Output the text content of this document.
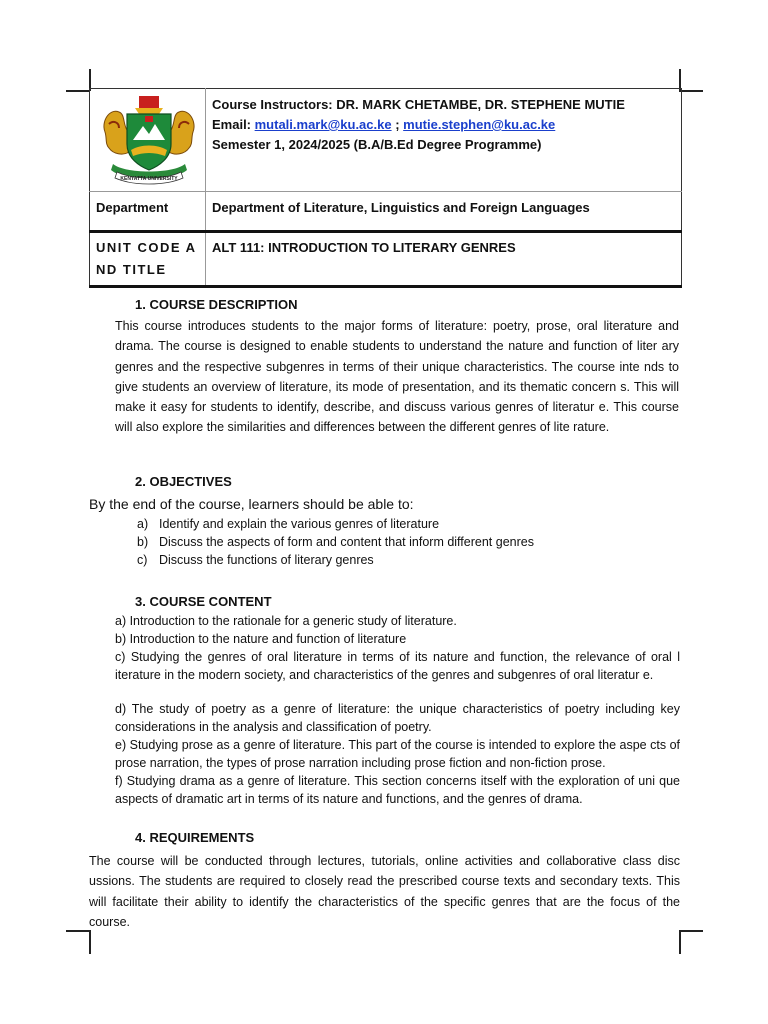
KENYATTA UNIVERSITY	Course Instructors: DR. MARK CHETAMBE, DR. STEPHENE MUTIE
Email: mutali.mark@ku.ac.ke ; mutie.stephen@ku.ac.ke
Semester 1, 2024/2025 (B.A/B.Ed Degree Programme)

Department	Department of Literature, Linguistics and Foreign Languages
UNIT CODE AND TITLE	ALT 111: INTRODUCTION TO LITERARY GENRES
1. COURSE DESCRIPTION
This course introduces students to the major forms of literature: poetry, prose, oral literature and drama. The course is designed to enable students to understand the nature and function of liter ary genres and the respective subgenres in terms of their unique characteristics. The course inte nds to give students an overview of literature, its mode of presentation, and its thematic concern s. This will make it easy for students to identify, describe, and discuss various genres of literatur e. This course will also explore the similarities and differences between the different genres of lite rature.
2. OBJECTIVES
By the end of the course, learners should be able to:
a) Identify and explain the various genres of literature
b) Discuss the aspects of form and content that inform different genres
c) Discuss the functions of literary genres
3. COURSE CONTENT
a) Introduction to the rationale for a generic study of literature.
b) Introduction to the nature and function of literature
c) Studying the genres of oral literature in terms of its nature and function, the relevance of oral l iterature in the modern society, and characteristics of the genres and subgenres of oral literatur e.
d) The study of poetry as a genre of literature: the unique characteristics of poetry including key considerations in the analysis and classification of poetry.
e) Studying prose as a genre of literature. This part of the course is intended to explore the aspe cts of prose narration, the types of prose narration including prose fiction and non-fiction prose.
f) Studying drama as a genre of literature. This section concerns itself with the exploration of uni que aspects of dramatic art in terms of its nature and functions, and the genres of drama.
4. REQUIREMENTS
The course will be conducted through lectures, tutorials, online activities and collaborative class disc ussions. The students are required to closely read the prescribed course texts and secondary texts. This will facilitate their ability to identify the characteristics of the specific genres that are the focus of the course.
